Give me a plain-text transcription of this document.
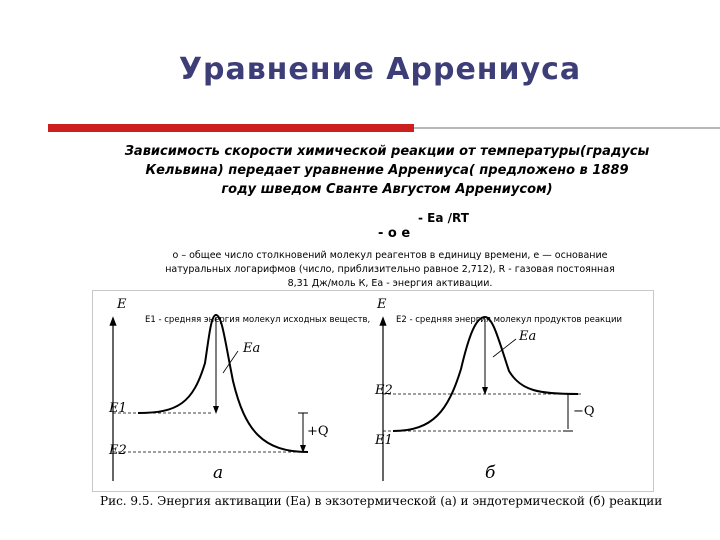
Уравнение Аррениуса
Зависимость скорости химической реакции от температуры(градусы
Кельвина) передает уравнение Аррениуса( предложено в 1889
году шведом Сванте Августом Аррениусом)
- Ea /RT
- o e
o – общее число столкновений молекул реагентов в единицу времени, e — основание
натуральных логарифмов (число, приблизительно равное 2,712), R - газовая постоянная
8,31 Дж/моль К, Ea - энергия активации.
E
E1 - средняя энергия молекул исходных веществ,
Ea
E1
E2
+Q
a
E
E2 - средняя энергия молекул продуктов реакции
Ea
E2
E1
−Q
б
Рис. 9.5. Энергия активации (Ea) в экзотермической (a) и эндотермической (б) реакции
